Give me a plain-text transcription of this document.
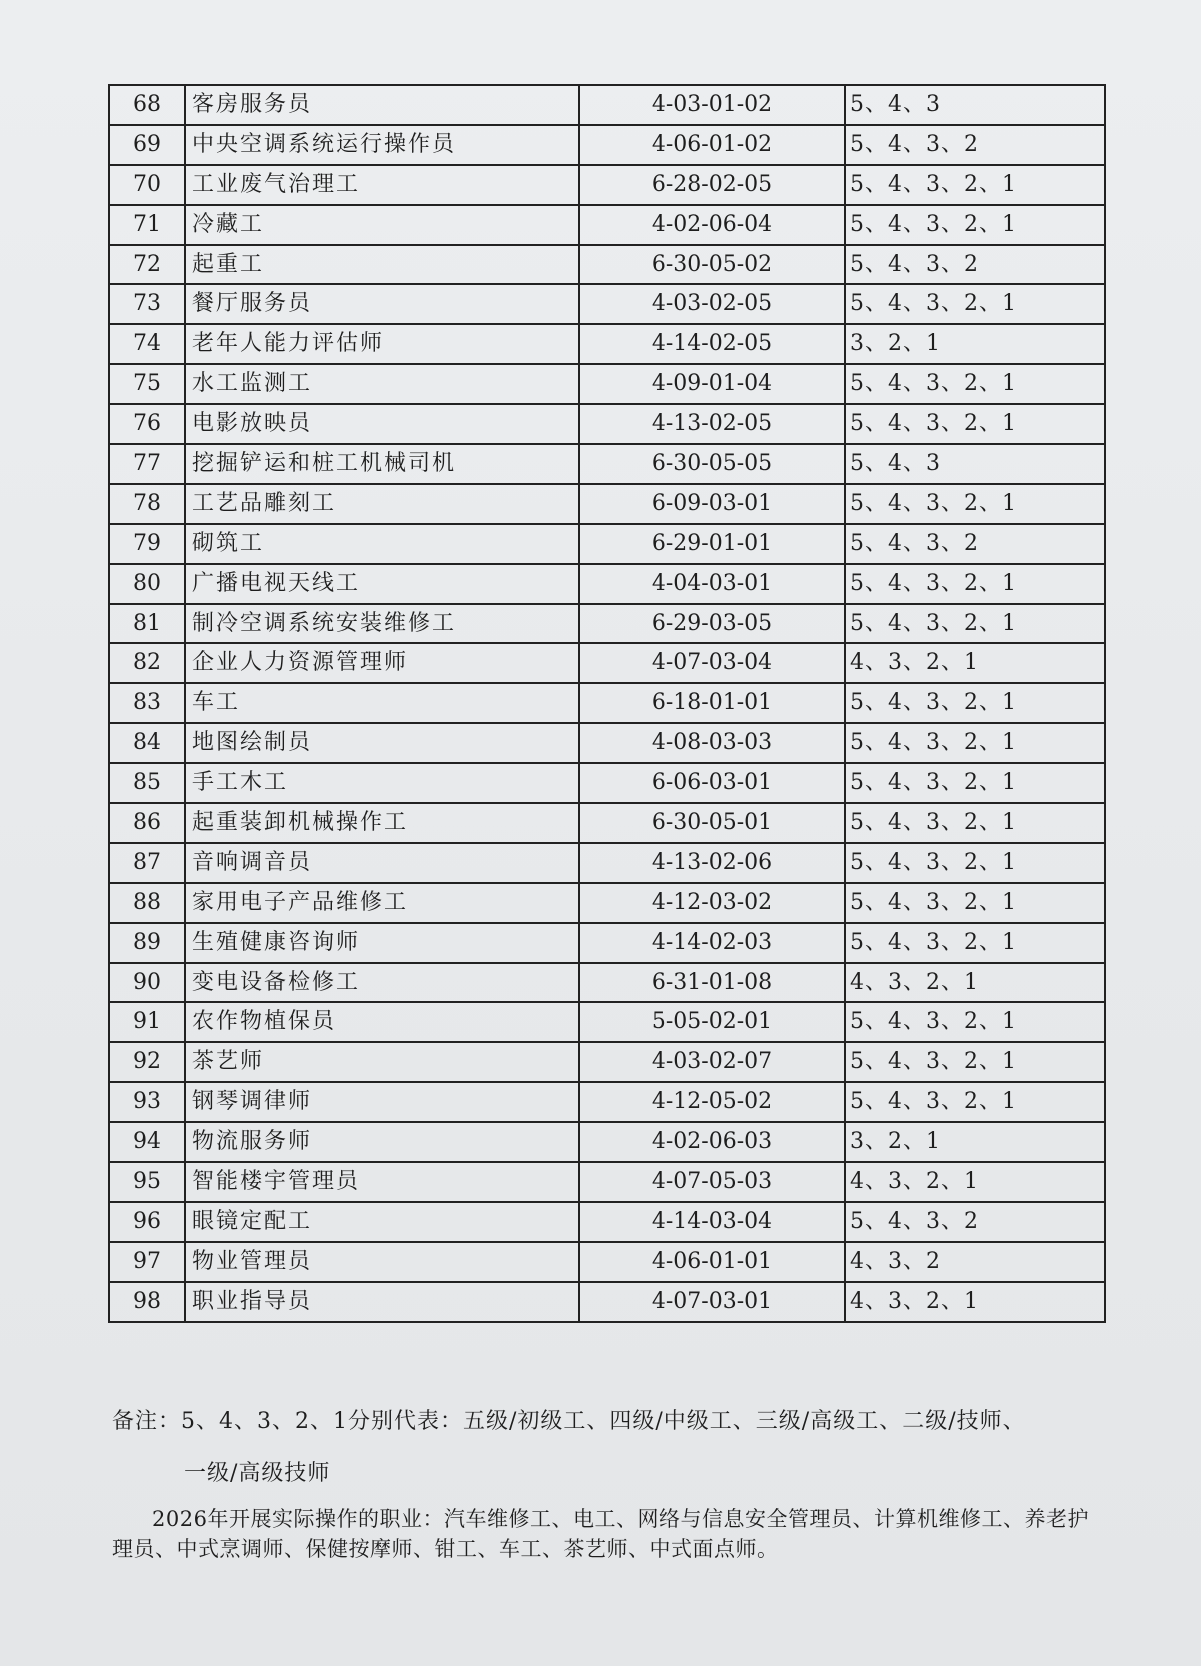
68	客房服务员	4-03-01-02	5、4、3
69	中央空调系统运行操作员	4-06-01-02	5、4、3、2
70	工业废气治理工	6-28-02-05	5、4、3、2、1
71	冷藏工	4-02-06-04	5、4、3、2、1
72	起重工	6-30-05-02	5、4、3、2
73	餐厅服务员	4-03-02-05	5、4、3、2、1
74	老年人能力评估师	4-14-02-05	3、2、1
75	水工监测工	4-09-01-04	5、4、3、2、1
76	电影放映员	4-13-02-05	5、4、3、2、1
77	挖掘铲运和桩工机械司机	6-30-05-05	5、4、3
78	工艺品雕刻工	6-09-03-01	5、4、3、2、1
79	砌筑工	6-29-01-01	5、4、3、2
80	广播电视天线工	4-04-03-01	5、4、3、2、1
81	制冷空调系统安装维修工	6-29-03-05	5、4、3、2、1
82	企业人力资源管理师	4-07-03-04	4、3、2、1
83	车工	6-18-01-01	5、4、3、2、1
84	地图绘制员	4-08-03-03	5、4、3、2、1
85	手工木工	6-06-03-01	5、4、3、2、1
86	起重装卸机械操作工	6-30-05-01	5、4、3、2、1
87	音响调音员	4-13-02-06	5、4、3、2、1
88	家用电子产品维修工	4-12-03-02	5、4、3、2、1
89	生殖健康咨询师	4-14-02-03	5、4、3、2、1
90	变电设备检修工	6-31-01-08	4、3、2、1
91	农作物植保员	5-05-02-01	5、4、3、2、1
92	茶艺师	4-03-02-07	5、4、3、2、1
93	钢琴调律师	4-12-05-02	5、4、3、2、1
94	物流服务师	4-02-06-03	3、2、1
95	智能楼宇管理员	4-07-05-03	4、3、2、1
96	眼镜定配工	4-14-03-04	5、4、3、2
97	物业管理员	4-06-01-01	4、3、2
98	职业指导员	4-07-03-01	4、3、2、1
备注：5、4、3、2、1分别代表：五级/初级工、四级/中级工、三级/高级工、二级/技师、
一级/高级技师
2026年开展实际操作的职业：汽车维修工、电工、网络与信息安全管理员、计算机维修工、养老护理员、中式烹调师、保健按摩师、钳工、车工、茶艺师、中式面点师。
